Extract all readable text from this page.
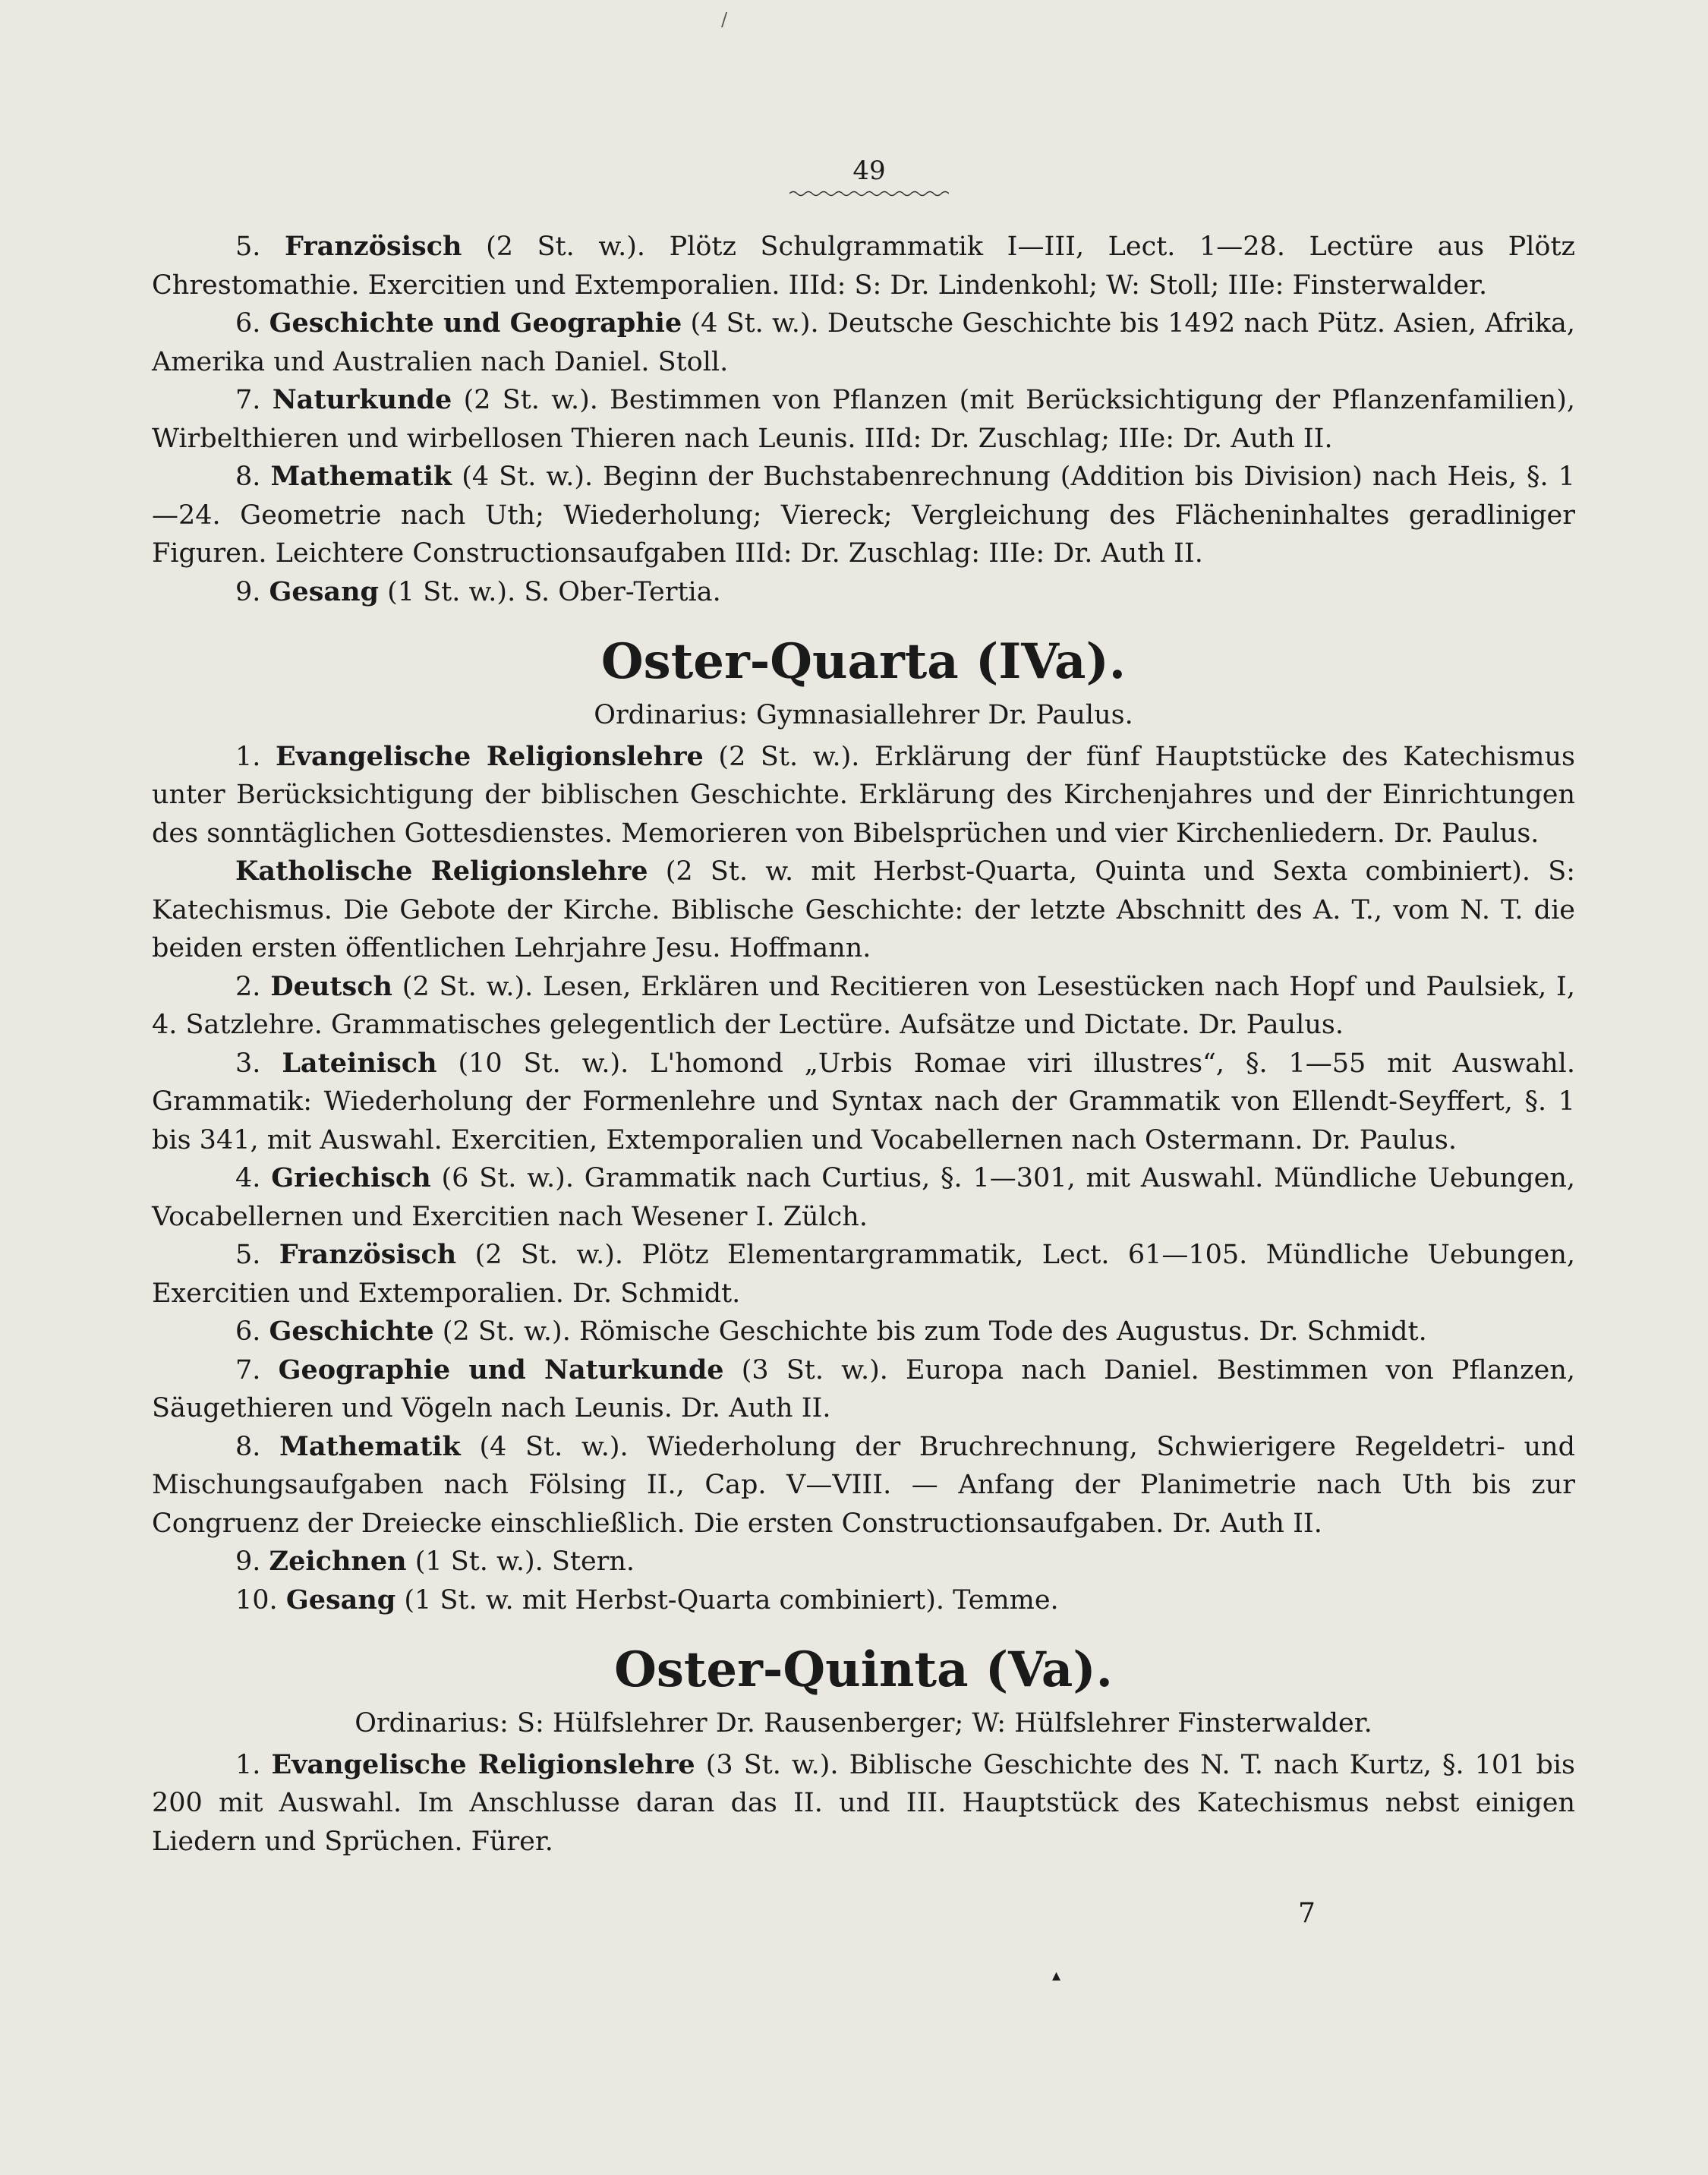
/
49

5. Französisch (2 St. w.). Plötz Schulgrammatik I—III, Lect. 1—28. Lectüre aus Plötz Chrestomathie. Exercitien und Extemporalien. IIId: S: Dr. Lindenkohl; W: Stoll; IIIe: Finsterwalder.

6. Geschichte und Geographie (4 St. w.). Deutsche Geschichte bis 1492 nach Pütz. Asien, Afrika, Amerika und Australien nach Daniel. Stoll.

7. Naturkunde (2 St. w.). Bestimmen von Pflanzen (mit Berücksichtigung der Pflanzenfamilien), Wirbelthieren und wirbellosen Thieren nach Leunis. IIId: Dr. Zuschlag; IIIe: Dr. Auth II.

8. Mathematik (4 St. w.). Beginn der Buchstabenrechnung (Addition bis Division) nach Heis, §. 1—24. Geometrie nach Uth; Wiederholung; Viereck; Vergleichung des Flächeninhaltes geradliniger Figuren. Leichtere Constructionsaufgaben IIId: Dr. Zuschlag: IIIe: Dr. Auth II.

9. Gesang (1 St. w.). S. Ober-Tertia.

Oster-Quarta (IVa).

Ordinarius: Gymnasiallehrer Dr. Paulus.

1. Evangelische Religionslehre (2 St. w.). Erklärung der fünf Hauptstücke des Katechismus unter Berücksichtigung der biblischen Geschichte. Erklärung des Kirchenjahres und der Einrichtungen des sonntäglichen Gottesdienstes. Memorieren von Bibelsprüchen und vier Kirchenliedern. Dr. Paulus.

Katholische Religionslehre (2 St. w. mit Herbst-Quarta, Quinta und Sexta combiniert). S: Katechismus. Die Gebote der Kirche. Biblische Geschichte: der letzte Abschnitt des A. T., vom N. T. die beiden ersten öffentlichen Lehrjahre Jesu. Hoffmann.

2. Deutsch (2 St. w.). Lesen, Erklären und Recitieren von Lesestücken nach Hopf und Paulsiek, I, 4. Satzlehre. Grammatisches gelegentlich der Lectüre. Aufsätze und Dictate. Dr. Paulus.

3. Lateinisch (10 St. w.). L'homond „Urbis Romae viri illustres“, §. 1—55 mit Auswahl. Grammatik: Wiederholung der Formenlehre und Syntax nach der Grammatik von Ellendt-Seyffert, §. 1 bis 341, mit Auswahl. Exercitien, Extemporalien und Vocabellernen nach Ostermann. Dr. Paulus.

4. Griechisch (6 St. w.). Grammatik nach Curtius, §. 1—301, mit Auswahl. Mündliche Uebungen, Vocabellernen und Exercitien nach Wesener I. Zülch.

5. Französisch (2 St. w.). Plötz Elementargrammatik, Lect. 61—105. Mündliche Uebungen, Exercitien und Extemporalien. Dr. Schmidt.

6. Geschichte (2 St. w.). Römische Geschichte bis zum Tode des Augustus. Dr. Schmidt.

7. Geographie und Naturkunde (3 St. w.). Europa nach Daniel. Bestimmen von Pflanzen, Säugethieren und Vögeln nach Leunis. Dr. Auth II.

8. Mathematik (4 St. w.). Wiederholung der Bruchrechnung, Schwierigere Regeldetri- und Mischungsaufgaben nach Fölsing II., Cap. V—VIII. — Anfang der Planimetrie nach Uth bis zur Congruenz der Dreiecke einschließlich. Die ersten Constructionsaufgaben. Dr. Auth II.

9. Zeichnen (1 St. w.). Stern.

10. Gesang (1 St. w. mit Herbst-Quarta combiniert). Temme.

Oster-Quinta (Va).

Ordinarius: S: Hülfslehrer Dr. Rausenberger; W: Hülfslehrer Finsterwalder.

1. Evangelische Religionslehre (3 St. w.). Biblische Geschichte des N. T. nach Kurtz, §. 101 bis 200 mit Auswahl. Im Anschlusse daran das II. und III. Hauptstück des Katechismus nebst einigen Liedern und Sprüchen. Fürer.

7
▴
